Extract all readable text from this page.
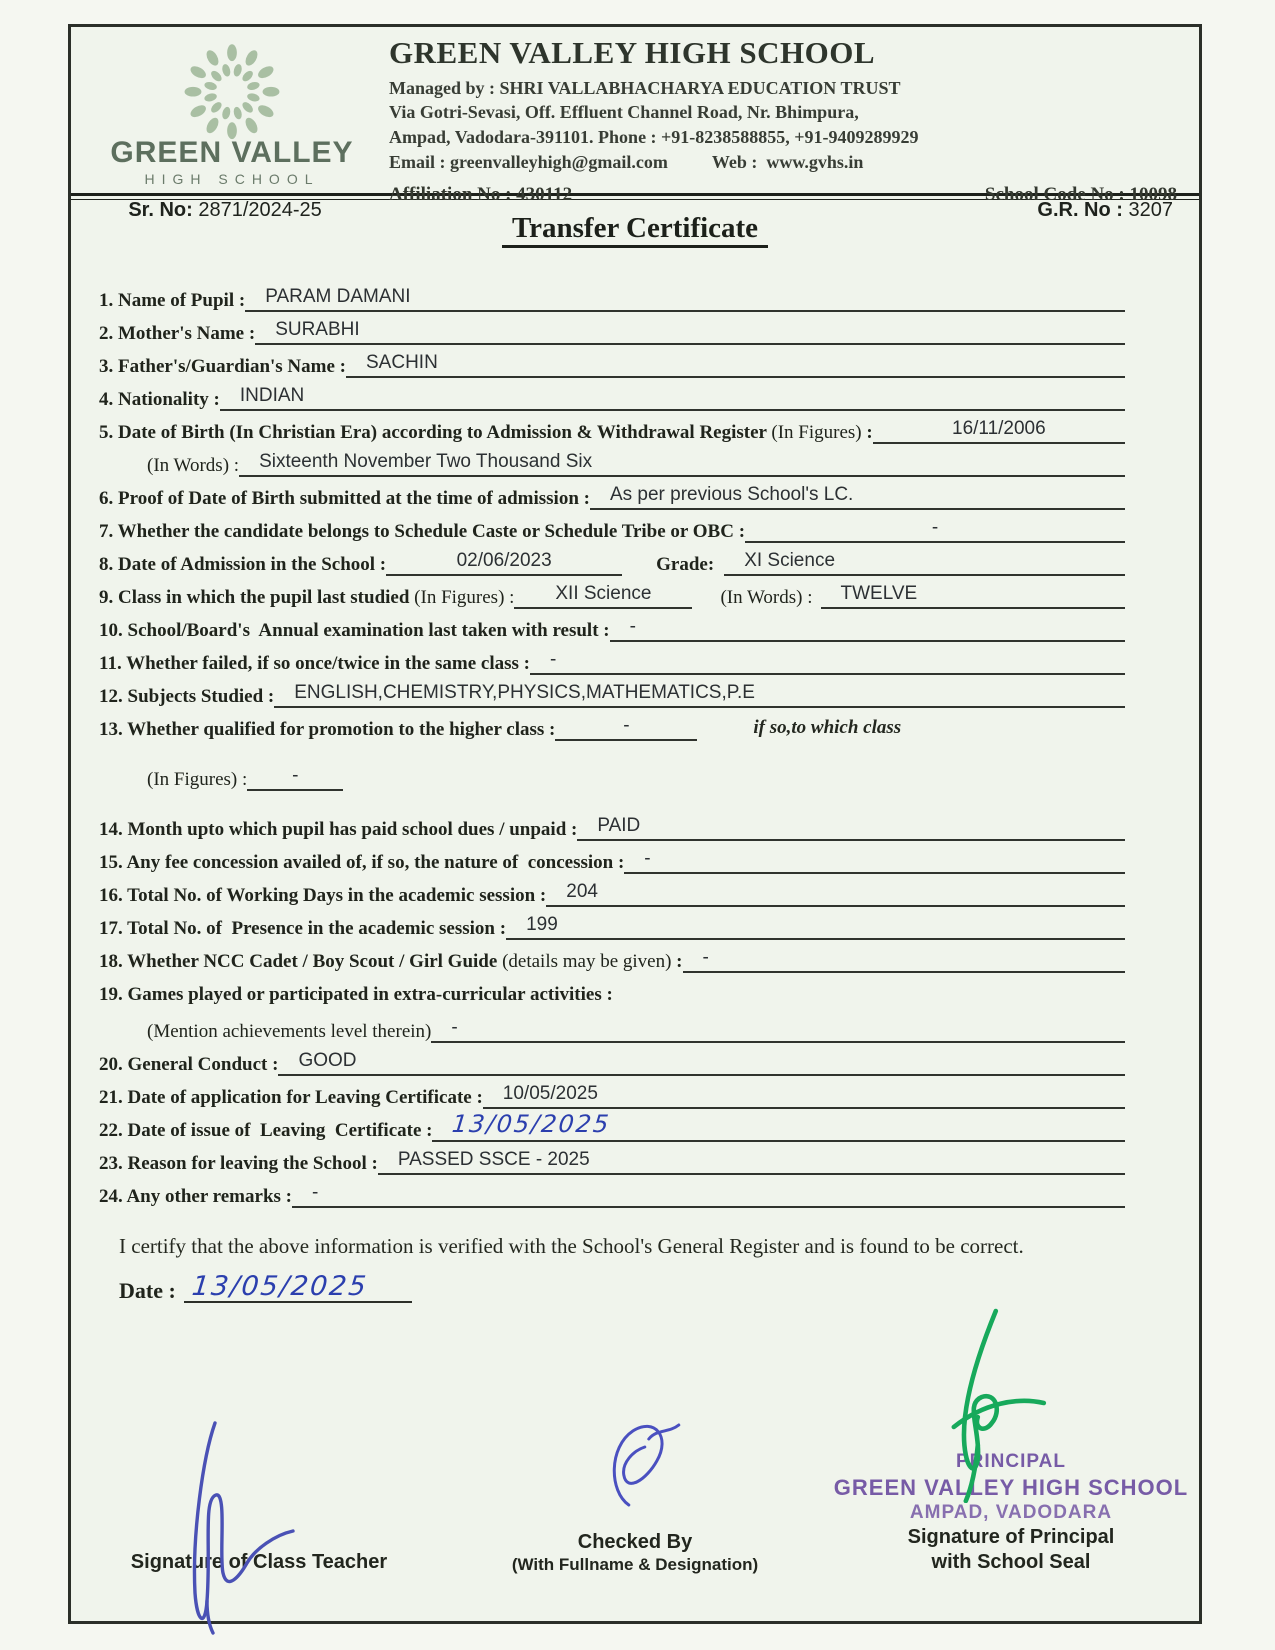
GREEN VALLEY
HIGH SCHOOL
GREEN VALLEY HIGH SCHOOL
Managed by : SHRI VALLABHACHARYA EDUCATION TRUST
Via Gotri-Sevasi, Off. Effluent Channel Road, Nr. Bhimpura,
Ampad, Vadodara-391101. Phone : +91-8238588855, +91-9409289929
Email : greenvalleyhigh@gmail.com Web :  www.gvhs.in
Affiliation No : 430112	School Code No : 10098
Transfer Certificate

Sr. No: 2871/2024-25
	G.R. No : 3207

1. Name of Pupil :	PARAM DAMANI
2. Mother's Name :	SURABHI
3. Father's/Guardian's Name :	SACHIN
4. Nationality :	INDIAN
5. Date of Birth (In Christian Era) according to Admission & Withdrawal Register (In Figures) :	16/11/2006
(In Words) :	Sixteenth November Two Thousand Six
6. Proof of Date of Birth submitted at the time of admission :	As per previous School's LC.
7. Whether the candidate belongs to Schedule Caste or Schedule Tribe or OBC :	-
8. Date of Admission in the School :	02/06/2023	Grade:	XI Science
9. Class in which the pupil last studied (In Figures) :	XII Science	(In Words) :	TWELVE
10. School/Board's  Annual examination last taken with result :	-
11. Whether failed, if so once/twice in the same class :	-
12. Subjects Studied :	ENGLISH,CHEMISTRY,PHYSICS,MATHEMATICS,P.E
13. Whether qualified for promotion to the higher class :	-	if so,to which class
(In Figures) :	-
14. Month upto which pupil has paid school dues / unpaid :	PAID
15. Any fee concession availed of, if so, the nature of  concession :	-
16. Total No. of Working Days in the academic session :	204
17. Total No. of  Presence in the academic session :	199
18. Whether NCC Cadet / Boy Scout / Girl Guide (details may be given) :	-
19. Games played or participated in extra-curricular activities :
(Mention achievements level therein)	-
20. General Conduct :	GOOD
21. Date of application for Leaving Certificate :	10/05/2025
22. Date of issue of  Leaving  Certificate : 13/05/2025
23. Reason for leaving the School :	PASSED SSCE - 2025
24. Any other remarks :	-
I certify that the above information is verified with the School's General Register and is found to be correct.
Date : 13/05/2025
Signature of Class Teacher
Checked By
(With Fullname & Designation)
PRINCIPAL
GREEN VALLEY HIGH SCHOOL
AMPAD, VADODARA
Signature of Principal
with School Seal
